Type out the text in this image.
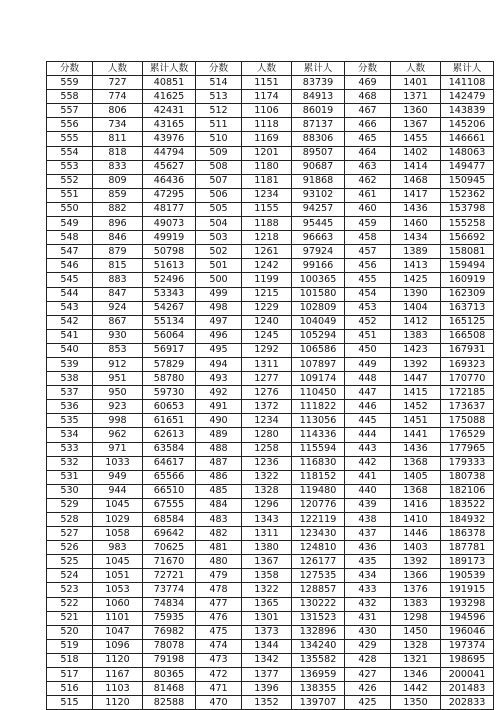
分数	人数	累计人数	分数	人数	累计人	分数	人数	累计人
559	727	40851	514	1151	83739	469	1401	141108
558	774	41625	513	1174	84913	468	1371	142479
557	806	42431	512	1106	86019	467	1360	143839
556	734	43165	511	1118	87137	466	1367	145206
555	811	43976	510	1169	88306	465	1455	146661
554	818	44794	509	1201	89507	464	1402	148063
553	833	45627	508	1180	90687	463	1414	149477
552	809	46436	507	1181	91868	462	1468	150945
551	859	47295	506	1234	93102	461	1417	152362
550	882	48177	505	1155	94257	460	1436	153798
549	896	49073	504	1188	95445	459	1460	155258
548	846	49919	503	1218	96663	458	1434	156692
547	879	50798	502	1261	97924	457	1389	158081
546	815	51613	501	1242	99166	456	1413	159494
545	883	52496	500	1199	100365	455	1425	160919
544	847	53343	499	1215	101580	454	1390	162309
543	924	54267	498	1229	102809	453	1404	163713
542	867	55134	497	1240	104049	452	1412	165125
541	930	56064	496	1245	105294	451	1383	166508
540	853	56917	495	1292	106586	450	1423	167931
539	912	57829	494	1311	107897	449	1392	169323
538	951	58780	493	1277	109174	448	1447	170770
537	950	59730	492	1276	110450	447	1415	172185
536	923	60653	491	1372	111822	446	1452	173637
535	998	61651	490	1234	113056	445	1451	175088
534	962	62613	489	1280	114336	444	1441	176529
533	971	63584	488	1258	115594	443	1436	177965
532	1033	64617	487	1236	116830	442	1368	179333
531	949	65566	486	1322	118152	441	1405	180738
530	944	66510	485	1328	119480	440	1368	182106
529	1045	67555	484	1296	120776	439	1416	183522
528	1029	68584	483	1343	122119	438	1410	184932
527	1058	69642	482	1311	123430	437	1446	186378
526	983	70625	481	1380	124810	436	1403	187781
525	1045	71670	480	1367	126177	435	1392	189173
524	1051	72721	479	1358	127535	434	1366	190539
523	1053	73774	478	1322	128857	433	1376	191915
522	1060	74834	477	1365	130222	432	1383	193298
521	1101	75935	476	1301	131523	431	1298	194596
520	1047	76982	475	1373	132896	430	1450	196046
519	1096	78078	474	1344	134240	429	1328	197374
518	1120	79198	473	1342	135582	428	1321	198695
517	1167	80365	472	1377	136959	427	1346	200041
516	1103	81468	471	1396	138355	426	1442	201483
515	1120	82588	470	1352	139707	425	1350	202833
